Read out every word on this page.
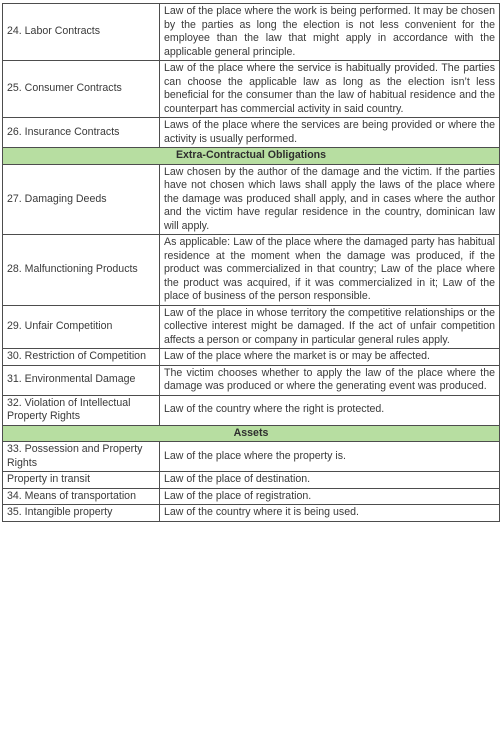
24. Labor Contracts	Law of the place where the work is being performed. It may be chosen by the parties as long the election is not less convenient for the employee than the law that might apply in accordance with the applicable general principle.
25. Consumer Contracts	Law of the place where the service is habitually provided. The parties can choose the applicable law as long as the election isn’t less beneficial for the consumer than the law of habitual residence and the counterpart has commercial activity in said country.
26. Insurance Contracts	Laws of the place where the services are being provided or where the activity is usually performed.
Extra-Contractual Obligations	
27. Damaging Deeds	Law chosen by the author of the damage and the victim. If the parties have not chosen which laws shall apply the laws of the place where the damage was produced shall apply, and in cases where the author and the victim have regular residence in the country, dominican law will apply.
28. Malfunctioning Products	As applicable: Law of the place where the damaged party has habitual residence at the moment when the damage was produced, if the product was commercialized in that country; Law of the place where the product was acquired, if it was commercialized in it; Law of the place of business of the person responsible.
29. Unfair Competition	Law of the place in whose territory the competitive relationships or the collective interest might be damaged. If the act of unfair competition affects a person or company in particular general rules apply.
30. Restriction of Competition	Law of the place where the market is or may be affected.
31. Environmental Damage	The victim chooses whether to apply the law of the place where the damage was produced or where the generating event was produced.
32. Violation of Intellectual Property Rights	Law of the country where the right is protected.
Assets	
33. Possession and Property Rights	Law of the place where the property is.
Property in transit	Law of the place of destination.
34. Means of transportation	Law of the place of registration.
35. Intangible property	Law of the country where it is being used.
